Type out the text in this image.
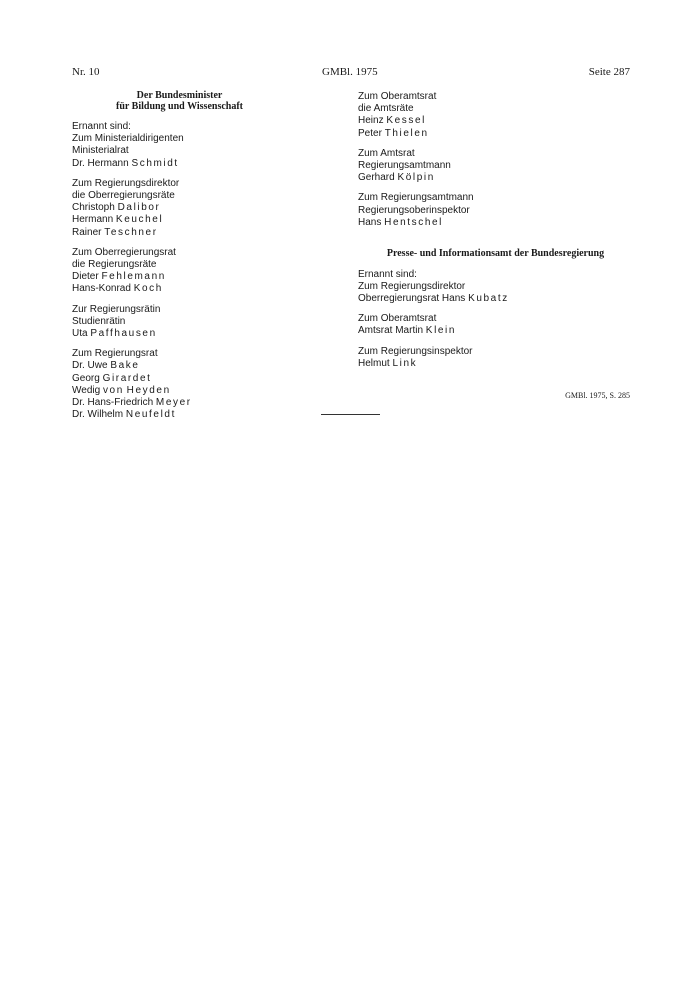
Nr. 10	GMBl. 1975	Seite 287
Der Bundesminister
für Bildung und Wissenschaft
Ernannt sind:
Zum Ministerialdirigenten
Ministerialrat
Dr. Hermann Schmidt
Zum Regierungsdirektor
die Oberregierungsräte
Christoph Dalibor
Hermann Keuchel
Rainer Teschner
Zum Oberregierungsrat
die Regierungsräte
Dieter Fehlemann
Hans-Konrad Koch
Zur Regierungsrätin
Studienrätin
Uta Paffhausen
Zum Regierungsrat
Dr. Uwe Bake
Georg Girardet
Wedig von Heyden
Dr. Hans-Friedrich Meyer
Dr. Wilhelm Neufeldt
Zum Oberamtsrat
die Amtsräte
Heinz Kessel
Peter Thielen
Zum Amtsrat
Regierungsamtmann
Gerhard Kölpin
Zum Regierungsamtmann
Regierungsoberinspektor
Hans Hentschel
Presse- und Informationsamt der Bundesregierung
Ernannt sind:
Zum Regierungsdirektor
Oberregierungsrat Hans Kubatz
Zum Oberamtsrat
Amtsrat Martin Klein
Zum Regierungsinspektor
Helmut Link
GMBl. 1975, S. 285
